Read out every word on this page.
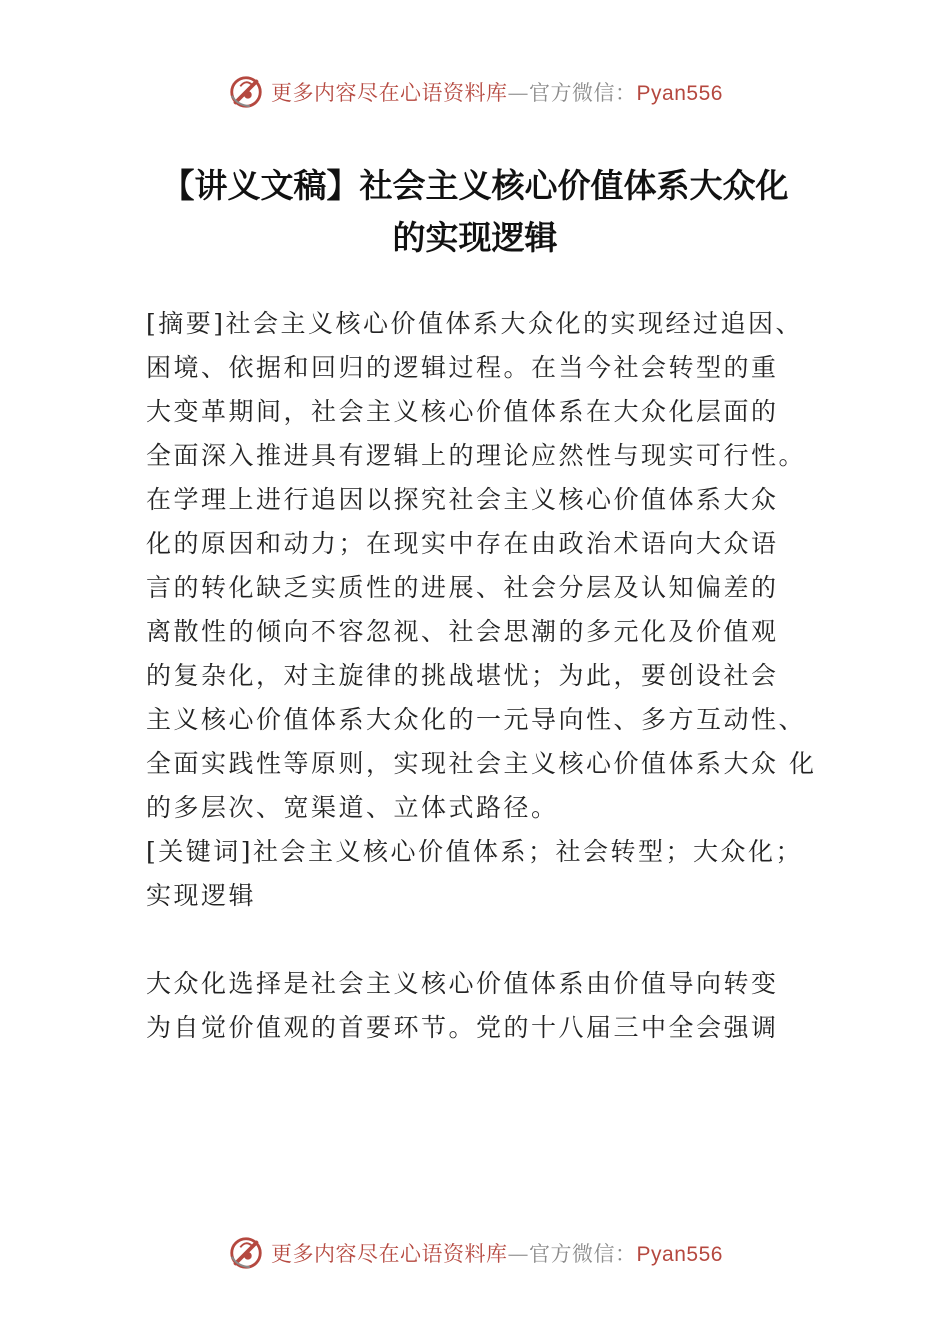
更多内容尽在心语资料库—官方微信：Pyan556
【讲义文稿】社会主义核心价值体系大众化
的实现逻辑

[摘要]社会主义核心价值体系大众化的实现经过追因、
困境、依据和回归的逻辑过程。在当今社会转型的重
大变革期间，社会主义核心价值体系在大众化层面的
全面深入推进具有逻辑上的理论应然性与现实可行性。
在学理上进行追因以探究社会主义核心价值体系大众
化的原因和动力；在现实中存在由政治术语向大众语
言的转化缺乏实质性的进展、社会分层及认知偏差的
离散性的倾向不容忽视、社会思潮的多元化及价值观
的复杂化，对主旋律的挑战堪忧；为此，要创设社会
主义核心价值体系大众化的一元导向性、多方互动性、
全面实践性等原则，实现社会主义核心价值体系大众 化
的多层次、宽渠道、立体式路径。

[关键词]社会主义核心价值体系；社会转型；大众化；
实现逻辑

大众化选择是社会主义核心价值体系由价值导向转变
为自觉价值观的首要环节。党的十八届三中全会强调

更多内容尽在心语资料库—官方微信：Pyan556
